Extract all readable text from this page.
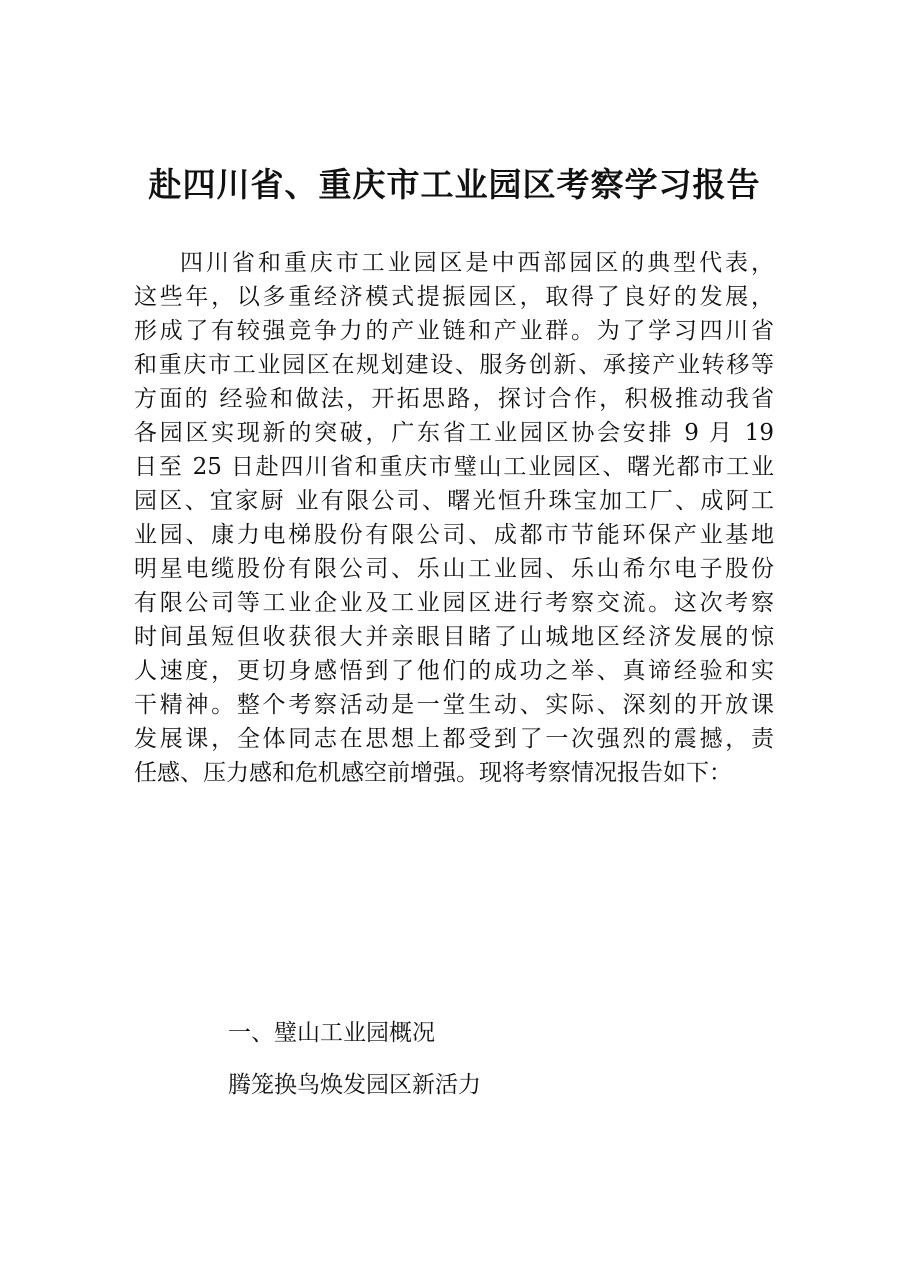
赴四川省、重庆市工业园区考察学习报告
四川省和重庆市工业园区是中西部园区的典型代表，
这些年，以多重经济模式提振园区，取得了良好的发展，
形成了有较强竞争力的产业链和产业群。为了学习四川省
和重庆市工业园区在规划建设、服务创新、承接产业转移等
方面的 经验和做法，开拓思路，探讨合作，积极推动我省
各园区实现新的突破，广东省工业园区协会安排 9 月 19
日至 25 日赴四川省和重庆市璧山工业园区、曙光都市工业
园区、宜家厨 业有限公司、曙光恒升珠宝加工厂、成阿工
业园、康力电梯股份有限公司、成都市节能环保产业基地
明星电缆股份有限公司、乐山工业园、乐山希尔电子股份
有限公司等工业企业及工业园区进行考察交流。这次考察
时间虽短但收获很大并亲眼目睹了山城地区经济发展的惊
人速度，更切身感悟到了他们的成功之举、真谛经验和实
干精神。整个考察活动是一堂生动、实际、深刻的开放课
发展课，全体同志在思想上都受到了一次强烈的震撼，责
任感、压力感和危机感空前增强。现将考察情况报告如下：
一、璧山工业园概况
腾笼换鸟焕发园区新活力
